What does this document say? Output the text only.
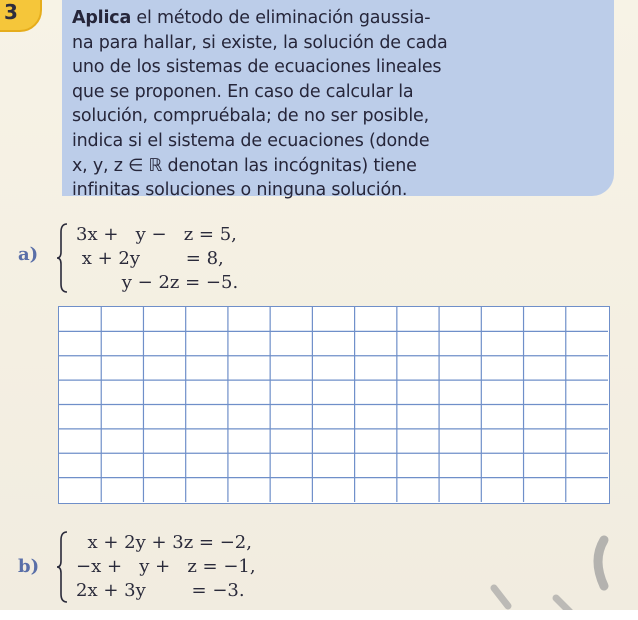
3	Aplica el método de eliminación gaussia-
na para hallar, si existe, la solución de cada
uno de los sistemas de ecuaciones lineales
que se proponen. En caso de calcular la
solución, compruébala; de no ser posible,
indica si el sistema de ecuaciones (donde
x, y, z ∈ ℝ denotan las incógnitas) tiene
infinitas soluciones o ninguna solución.
a)
3x +   y −   z = 5,
x + 2y        = 8,
y − 2z = −5.
b)
x + 2y + 3z = −2,
−x +   y +   z = −1,
2x + 3y        = −3.
